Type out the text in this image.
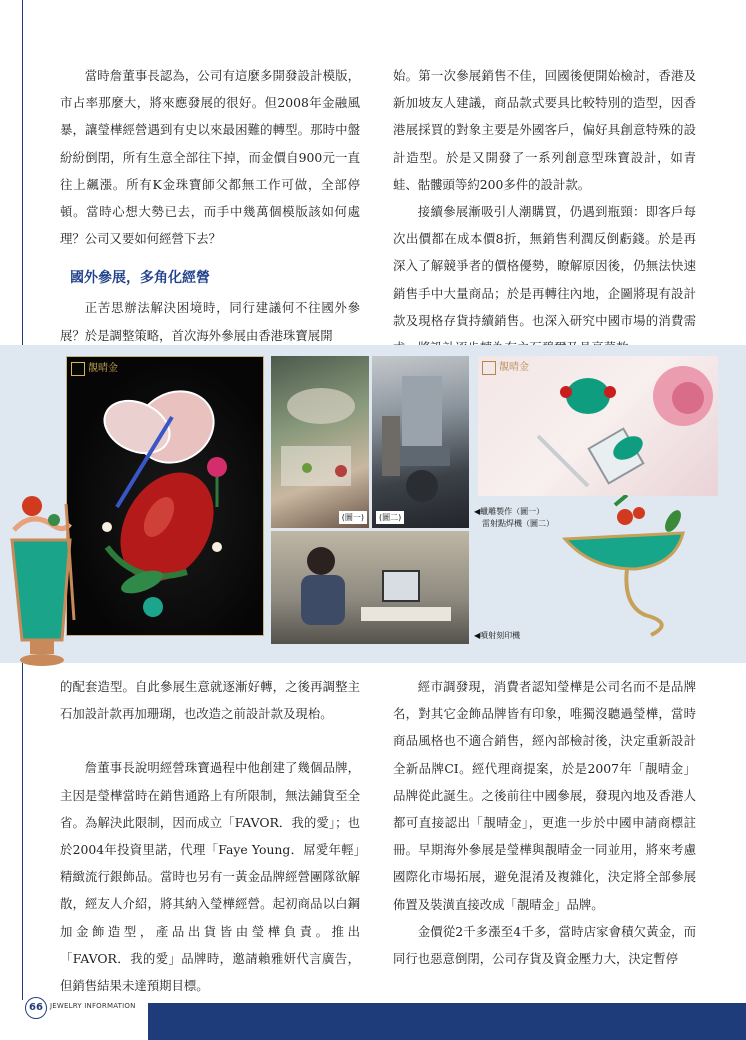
當時詹董事長認為，公司有這麼多開發設計模版，市占率那麼大，將來應發展的很好。但2008年金融風暴，讓瑩樺經營遇到有史以來最困難的轉型。那時中盤紛紛倒閉，所有生意全部往下掉，而金價自900元一直往上飆漲。所有K金珠寶師父都無工作可做，全部停頓。當時心想大勢已去，而手中幾萬個模版該如何處理？公司又要如何經營下去？

國外參展，多角化經營

正苦思辦法解決困境時，同行建議何不往國外參展？於是調整策略，首次海外參展由香港珠寶展開

始。第一次參展銷售不佳，回國後便開始檢討，香港及新加坡友人建議，商品款式要具比較特別的造型，因香港展採買的對象主要是外國客戶，偏好具創意特殊的設計造型。於是又開發了一系列創意型珠寶設計，如青蛙、骷髏頭等約200多件的設計款。

接續參展漸吸引人潮購買，仍遇到瓶頸：即客戶每次出價都在成本價8折，無銷售利潤反倒虧錢。於是再深入了解競爭者的價格優勢，瞭解原因後，仍無法快速銷售手中大量商品；於是再轉往內地，企圖將現有設計款及現格存貨持續銷售。也深入研究中國市場的消費需

靚晴金
(圖一)	(圖二)
◀蠟雕製作（圖一）
雷射點焊機（圖二）
◀噴射刻印機
靚晴金

的配套造型。自此參展生意就逐漸好轉，之後再調整主石加設計款再加珊瑚，也改造之前設計款及現枱。

詹董事長說明經營珠寶過程中他創建了幾個品牌，主因是瑩樺當時在銷售通路上有所限制，無法鋪貨至全省。為解決此限制，因而成立「FAVOR．我的愛」；也於2004年投資里諾，代理「Faye Young．屌愛年輕」精緻流行銀飾品。當時也另有一黃金品牌經營團隊欲解散，經友人介紹，將其納入瑩樺經營。起初商品以白鋼加金飾造型，產品出貨皆由瑩樺負責。推出「FAVOR．我的愛」品牌時，邀請賴雅妍代言廣告，但銷售結果未達預期目標。

經市調發現，消費者認知瑩樺是公司名而不是品牌名，對其它金飾品牌皆有印象，唯獨沒聽過瑩樺，當時商品風格也不適合銷售，經內部檢討後，決定重新設計全新品牌CI。經代理商提案，於是2007年「靚晴金」品牌從此誕生。之後前往中國參展，發現內地及香港人都可直接認出「靚晴金」，更進一步於中國申請商標註冊。早期海外參展是瑩樺與靚晴金一同並用，將來考慮國際化市場拓展，避免混淆及複雜化，決定將全部參展佈置及裝潢直接改成「靚晴金」品牌。

金價從2千多漲至4千多，當時店家會積欠黃金，而同行也惡意倒閉，公司存貨及資金壓力大，決定暫停

66	JEWELRY INFORMATION
